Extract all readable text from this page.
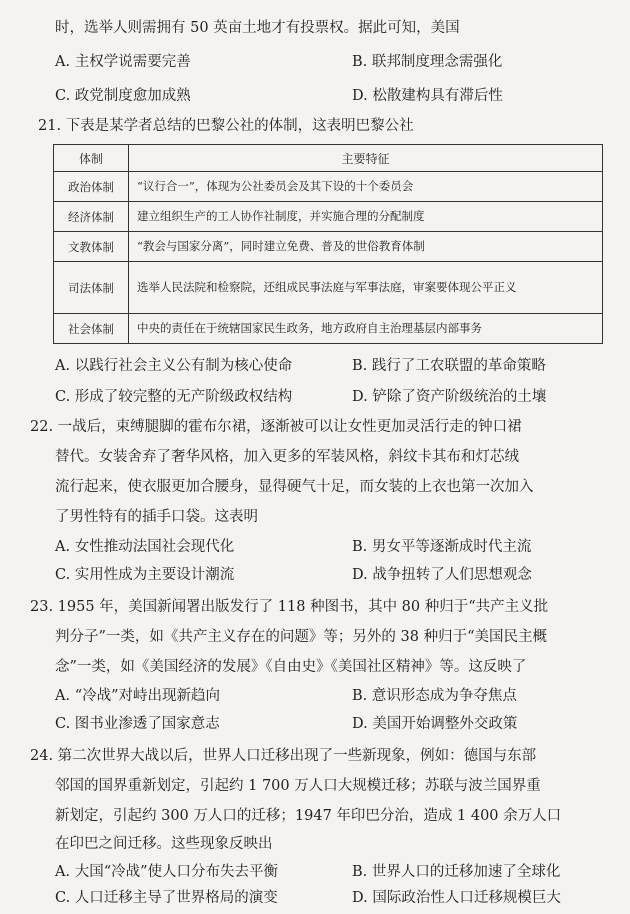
时，选举人则需拥有 50 英亩土地才有投票权。据此可知，美国
A. 主权学说需要完善	B. 联邦制度理念需强化
C. 政党制度愈加成熟	D. 松散建构具有滞后性
21. 下表是某学者总结的巴黎公社的体制，这表明巴黎公社
体制	主要特征
政治体制	“议行合一”，体现为公社委员会及其下设的十个委员会
经济体制	建立组织生产的工人协作社制度，并实施合理的分配制度
文教体制	“教会与国家分离”，同时建立免费、普及的世俗教育体制
司法体制	选举人民法院和检察院，还组成民事法庭与军事法庭，审案要体现公平正义
社会体制	中央的责任在于统辖国家民生政务，地方政府自主治理基层内部事务
A. 以践行社会主义公有制为核心使命	B. 践行了工农联盟的革命策略
C. 形成了较完整的无产阶级政权结构	D. 铲除了资产阶级统治的土壤
22. 一战后，束缚腿脚的霍布尔裙，逐渐被可以让女性更加灵活行走的钟口裙
替代。女装舍弃了奢华风格，加入更多的军装风格，斜纹卡其布和灯芯绒
流行起来，使衣服更加合腰身，显得硬气十足，而女装的上衣也第一次加入
了男性特有的插手口袋。这表明
A. 女性推动法国社会现代化	B. 男女平等逐渐成时代主流
C. 实用性成为主要设计潮流	D. 战争扭转了人们思想观念
23. 1955 年，美国新闻署出版发行了 118 种图书，其中 80 种归于“共产主义批
判分子”一类，如《共产主义存在的问题》等；另外的 38 种归于“美国民主概
念”一类，如《美国经济的发展》《自由史》《美国社区精神》等。这反映了
A. “冷战”对峙出现新趋向	B. 意识形态成为争夺焦点
C. 图书业渗透了国家意志	D. 美国开始调整外交政策
24. 第二次世界大战以后，世界人口迁移出现了一些新现象，例如：德国与东部
邻国的国界重新划定，引起约 1 700 万人口大规模迁移；苏联与波兰国界重
新划定，引起约 300 万人口的迁移；1947 年印巴分治，造成 1 400 余万人口
在印巴之间迁移。这些现象反映出
A. 大国“冷战”使人口分布失去平衡	B. 世界人口的迁移加速了全球化
C. 人口迁移主导了世界格局的演变	D. 国际政治性人口迁移规模巨大
